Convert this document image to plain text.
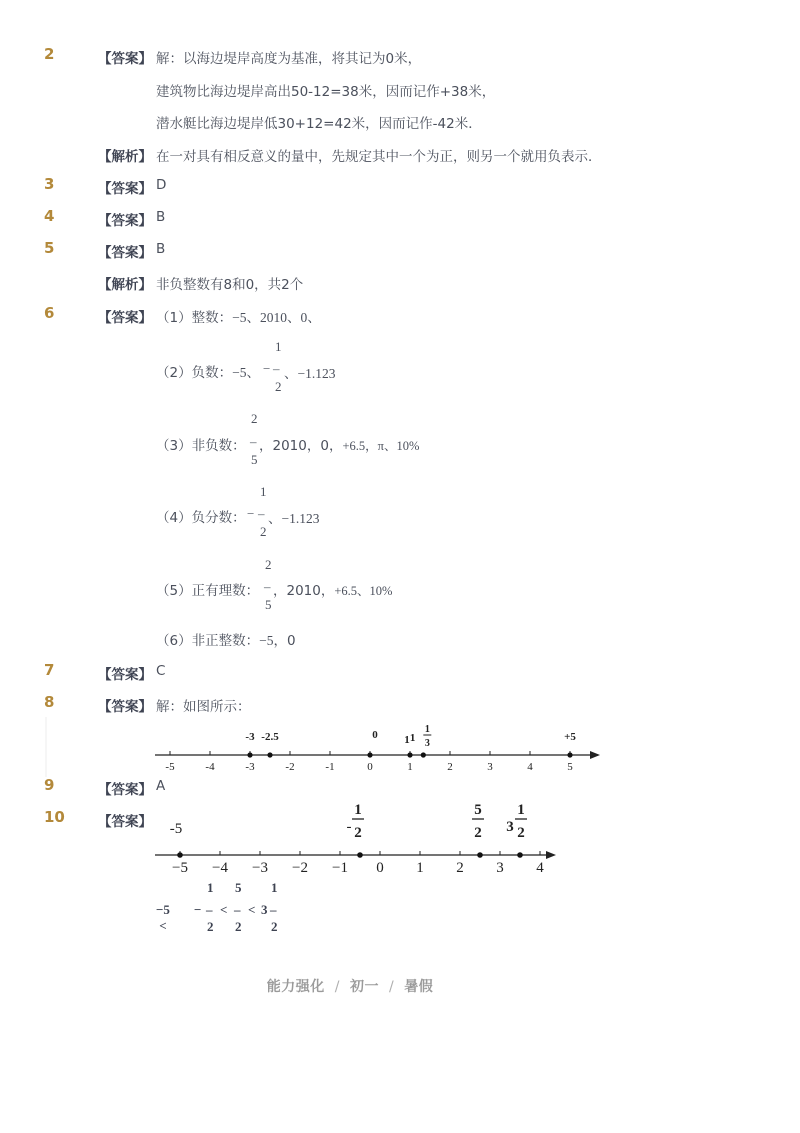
2	【答案】 解：以海边堤岸高度为基准，将其记为0米，
建筑物比海边堤岸高出50-12=38米，因而记作+38米，
潜水艇比海边堤岸低30+12=42米，因而记作-42米．
【解析】 在一对具有相反意义的量中，先规定其中一个为正，则另一个就用负表示．
3	【答案】 D
4	【答案】 B
5	【答案】 B
【解析】 非负整数有8和0，共2个
6	【答案】 （1）整数：−5、2010、0、
（2）负数：−5、 −
1
2
– 、−1.123
（3）非负数：
2
–
5
，2010，0，+6.5，π、10%
（4）负分数： −
1
–
2
、−1.123
（5）正有理数：
2
–
5
，2010，+6.5、10%
（6）非正整数：−5，0
7	【答案】 C
8	【答案】 解：如图所示：
-5	-4	-3	-2	-1	0	1	2	3	4	5
-3 -2.5	0 1 1
1
3
+5
9	【答案】 A
10	【答案】
−5 −4 −3 −2 −1 0 1 2 3 4
-5	-
1
2
5
2 3
1
2
−5 <
−
1
–
2
<
5
–
2
< 3
1
–
2
能力强化 / 初一 / 暑假
